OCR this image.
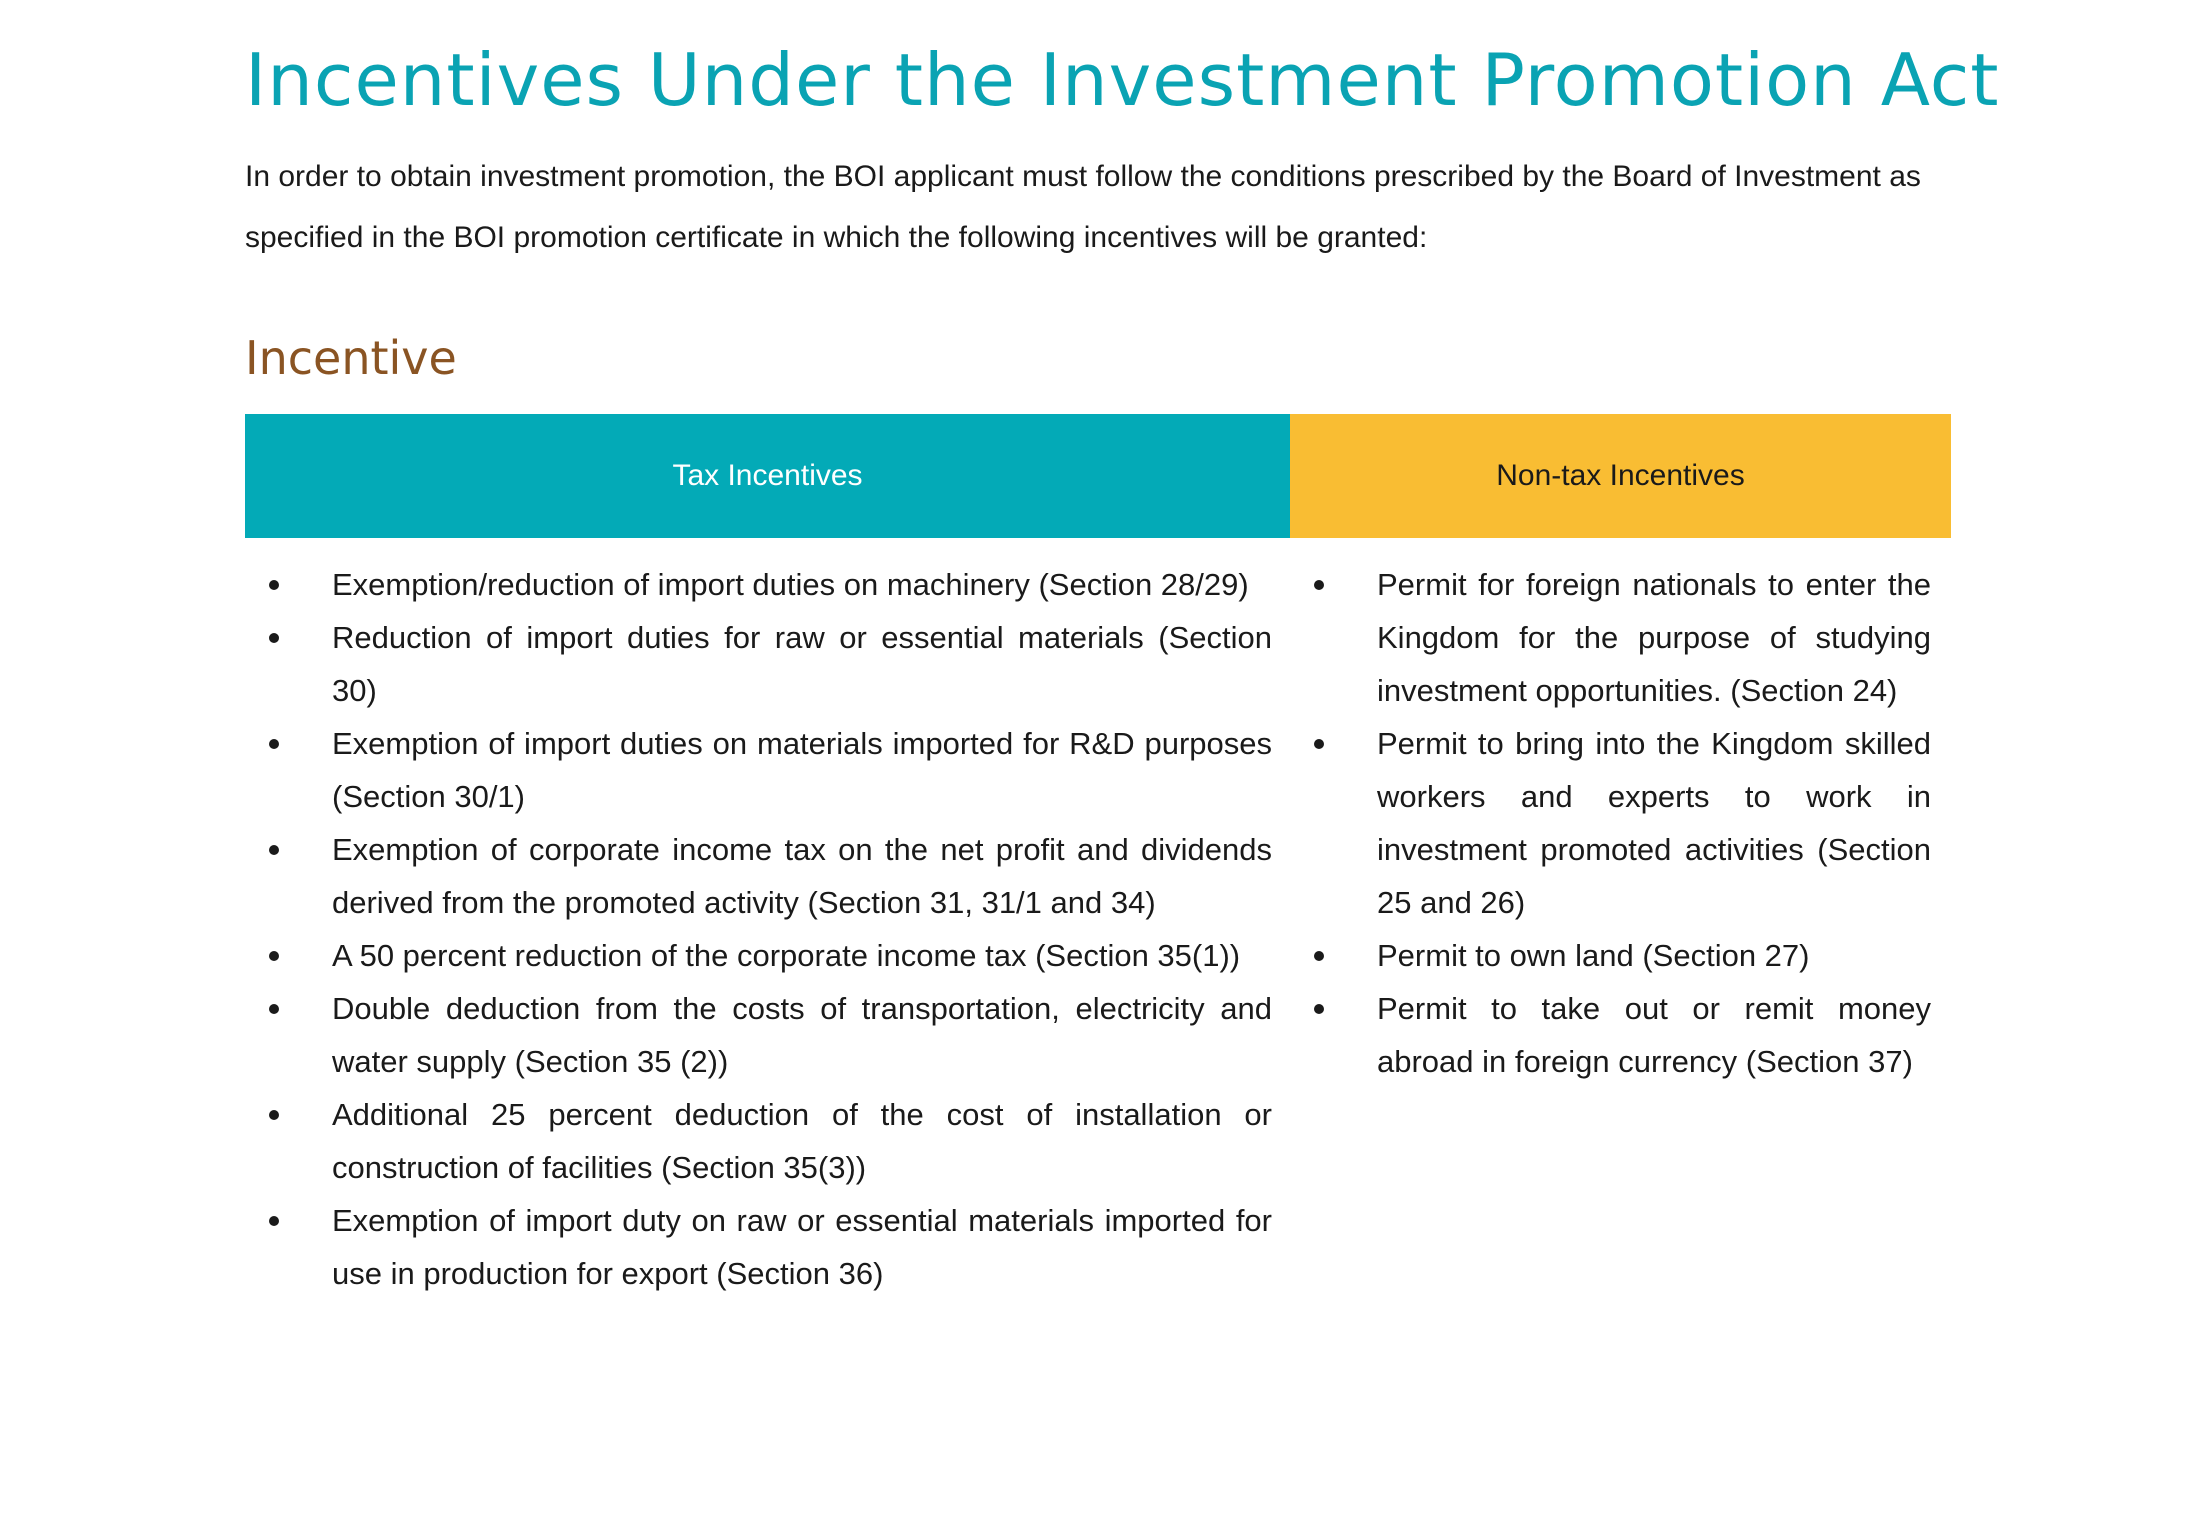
Incentives Under the Investment Promotion Act

In order to obtain investment promotion, the BOI applicant must follow the conditions prescribed by the Board of Investment as specified in the BOI promotion certificate in which the following incentives will be granted:

Incentive
Tax Incentives	Non-tax Incentives
Exemption/reduction of import duties on machinery (Section 28/29)
Reduction of import duties for raw or essential materials (Section 30)
Exemption of import duties on materials imported for R&D purposes (Section 30/1)
Exemption of corporate income tax on the net profit and dividends derived from the promoted activity (Section 31, 31/1 and 34)
A 50 percent reduction of the corporate income tax (Section 35(1))
Double deduction from the costs of transportation, electricity and water supply (Section 35 (2))
Additional 25 percent deduction of the cost of installation or construction of facilities (Section 35(3))
Exemption of import duty on raw or essential materials imported for use in production for export (Section 36)
Permit for foreign nationals to enter the Kingdom for the purpose of studying investment opportunities. (Section 24)
Permit to bring into the Kingdom skilled workers and experts to work in investment promoted activities (Section 25 and 26)
Permit to own land (Section 27)
Permit to take out or remit money abroad in foreign currency (Section 37)
